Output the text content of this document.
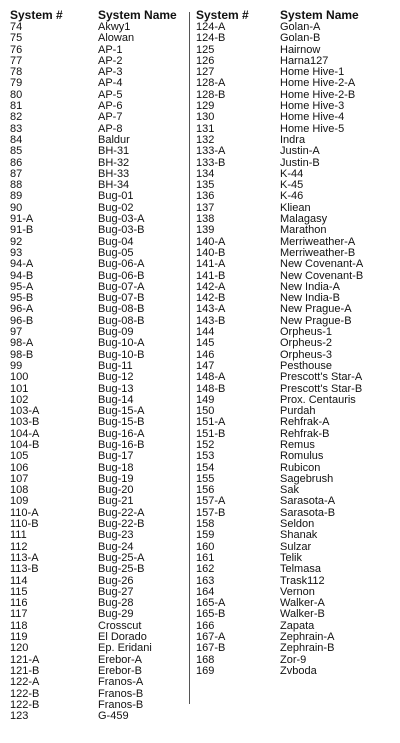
System #	System Name
74	Akwy1
75	Alowan
76	AP-1
77	AP-2
78	AP-3
79	AP-4
80	AP-5
81	AP-6
82	AP-7
83	AP-8
84	Baldur
85	BH-31
86	BH-32
87	BH-33
88	BH-34
89	Bug-01
90	Bug-02
91-A	Bug-03-A
91-B	Bug-03-B
92	Bug-04
93	Bug-05
94-A	Bug-06-A
94-B	Bug-06-B
95-A	Bug-07-A
95-B	Bug-07-B
96-A	Bug-08-B
96-B	Bug-08-B
97	Bug-09
98-A	Bug-10-A
98-B	Bug-10-B
99	Bug-11
100	Bug-12
101	Bug-13
102	Bug-14
103-A	Bug-15-A
103-B	Bug-15-B
104-A	Bug-16-A
104-B	Bug-16-B
105	Bug-17
106	Bug-18
107	Bug-19
108	Bug-20
109	Bug-21
110-A	Bug-22-A
110-B	Bug-22-B
111	Bug-23
112	Bug-24
113-A	Bug-25-A
113-B	Bug-25-B
114	Bug-26
115	Bug-27
116	Bug-28
117	Bug-29
118	Crosscut
119	El Dorado
120	Ep. Eridani
121-A	Erebor-A
121-B	Erebor-B
122-A	Franos-A
122-B	Franos-B
122-B	Franos-B
123	G-459
System #	System Name
124-A	Golan-A
124-B	Golan-B
125	Hairnow
126	Harna127
127	Home Hive-1
128-A	Home Hive-2-A
128-B	Home Hive-2-B
129	Home Hive-3
130	Home Hive-4
131	Home Hive-5
132	Indra
133-A	Justin-A
133-B	Justin-B
134	K-44
135	K-45
136	K-46
137	Kliean
138	Malagasy
139	Marathon
140-A	Merriweather-A
140-B	Merriweather-B
141-A	New Covenant-A
141-B	New Covenant-B
142-A	New India-A
142-B	New India-B
143-A	New Prague-A
143-B	New Prague-B
144	Orpheus-1
145	Orpheus-2
146	Orpheus-3
147	Pesthouse
148-A	Prescott's Star-A
148-B	Prescott's Star-B
149	Prox. Centauris
150	Purdah
151-A	Rehfrak-A
151-B	Rehfrak-B
152	Remus
153	Romulus
154	Rubicon
155	Sagebrush
156	Sak
157-A	Sarasota-A
157-B	Sarasota-B
158	Seldon
159	Shanak
160	Sulzar
161	Telik
162	Telmasa
163	Trask112
164	Vernon
165-A	Walker-A
165-B	Walker-B
166	Zapata
167-A	Zephrain-A
167-B	Zephrain-B
168	Zor-9
169	Zvboda
